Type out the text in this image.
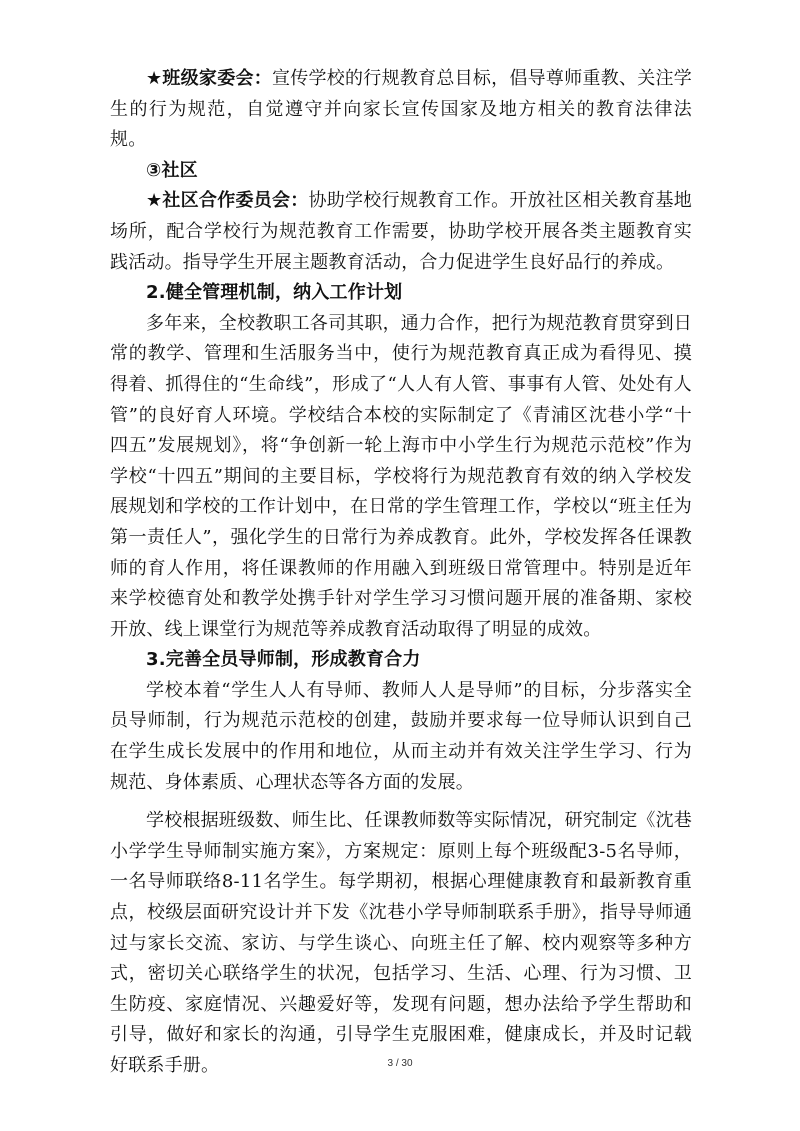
★班级家委会：宣传学校的行规教育总目标，倡导尊师重教、关注学生的行为规范，自觉遵守并向家长宣传国家及地方相关的教育法律法规。

③社区

★社区合作委员会：协助学校行规教育工作。开放社区相关教育基地场所，配合学校行为规范教育工作需要，协助学校开展各类主题教育实践活动。指导学生开展主题教育活动，合力促进学生良好品行的养成。

2.健全管理机制，纳入工作计划

多年来，全校教职工各司其职，通力合作，把行为规范教育贯穿到日常的教学、管理和生活服务当中，使行为规范教育真正成为看得见、摸得着、抓得住的“生命线”，形成了“人人有人管、事事有人管、处处有人管”的良好育人环境。学校结合本校的实际制定了《青浦区沈巷小学“十四五”发展规划》，将“争创新一轮上海市中小学生行为规范示范校”作为学校“十四五”期间的主要目标，学校将行为规范教育有效的纳入学校发展规划和学校的工作计划中，在日常的学生管理工作，学校以“班主任为第一责任人”，强化学生的日常行为养成教育。此外，学校发挥各任课教师的育人作用，将任课教师的作用融入到班级日常管理中。特别是近年来学校德育处和教学处携手针对学生学习习惯问题开展的准备期、家校开放、线上课堂行为规范等养成教育活动取得了明显的成效。

3.完善全员导师制，形成教育合力

学校本着“学生人人有导师、教师人人是导师”的目标，分步落实全员导师制，行为规范示范校的创建，鼓励并要求每一位导师认识到自己在学生成长发展中的作用和地位，从而主动并有效关注学生学习、行为规范、身体素质、心理状态等各方面的发展。

学校根据班级数、师生比、任课教师数等实际情况，研究制定《沈巷小学学生导师制实施方案》，方案规定：原则上每个班级配3-5名导师，一名导师联络8-11名学生。每学期初，根据心理健康教育和最新教育重点，校级层面研究设计并下发《沈巷小学导师制联系手册》，指导导师通过与家长交流、家访、与学生谈心、向班主任了解、校内观察等多种方式，密切关心联络学生的状况，包括学习、生活、心理、行为习惯、卫生防疫、家庭情况、兴趣爱好等，发现有问题，想办法给予学生帮助和引导，做好和家长的沟通，引导学生克服困难，健康成长，并及时记载好联系手册。	3 / 30
